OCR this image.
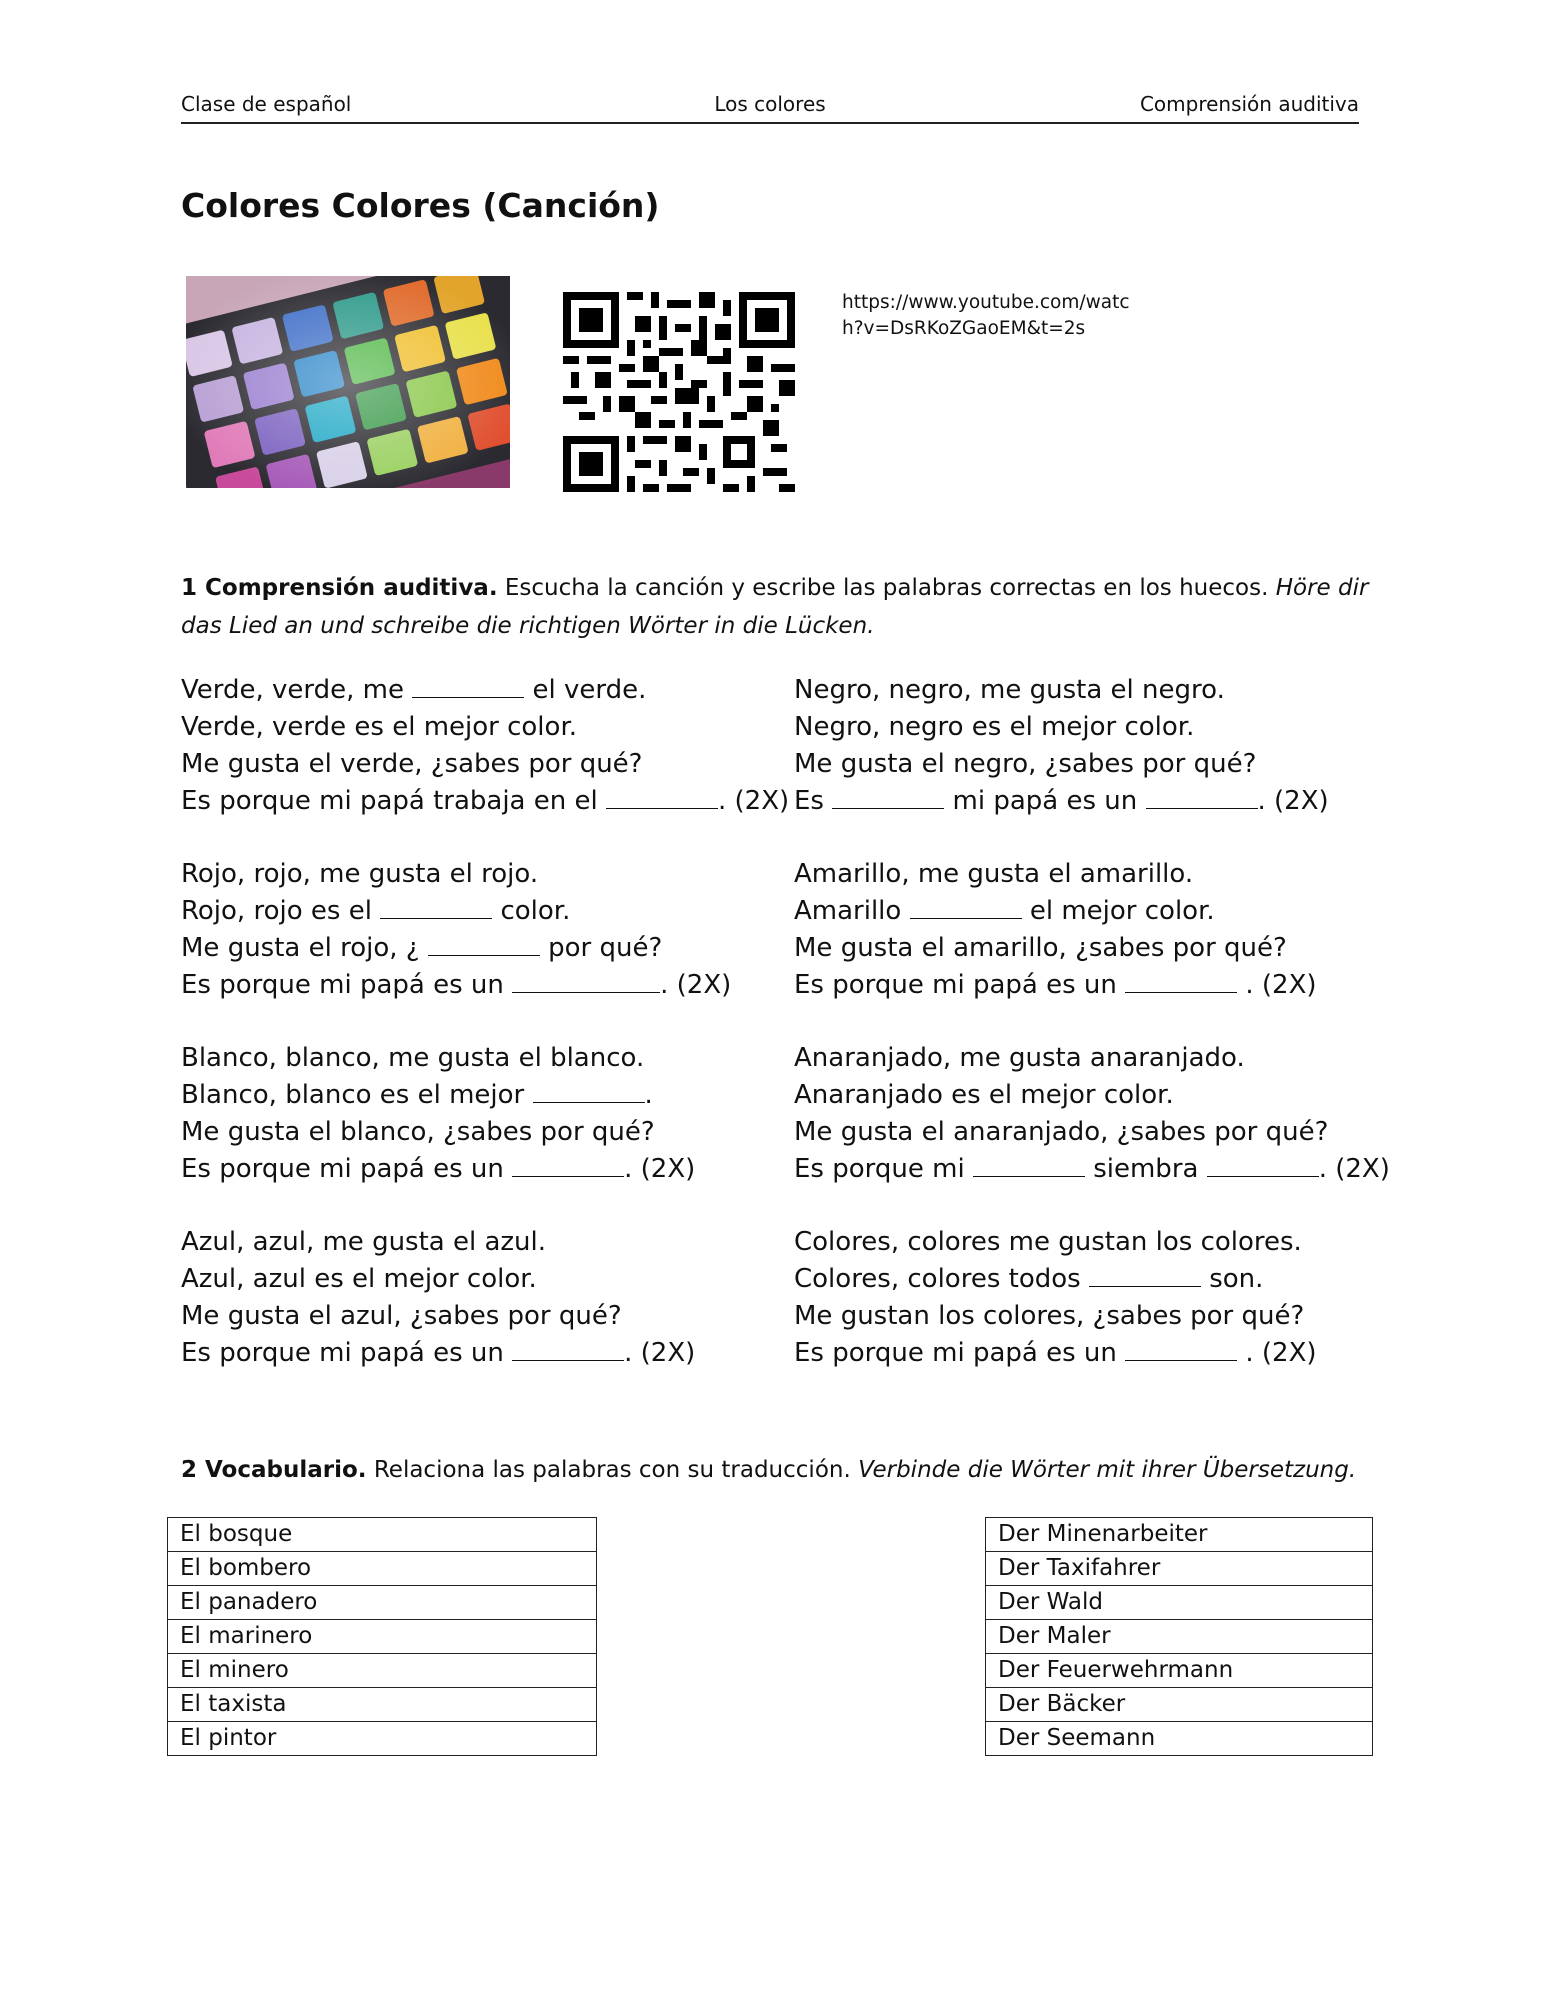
Clase de español	Los colores	Comprensión auditiva
Colores Colores (Canción)
https://www.youtube.com/watch?v=DsRKoZGaoEM&t=2s

1 Comprensión auditiva. Escucha la canción y escribe las palabras correctas en los huecos. Höre dir das Lied an und schreibe die richtigen Wörter in die Lücken.

Verde, verde, me	el verde.
Verde, verde es el mejor color.
Me gusta el verde, ¿sabes por qué?
Es porque mi papá trabaja en el	. (2X)
Rojo, rojo, me gusta el rojo.
Rojo, rojo es el	color.
Me gusta el rojo, ¿	por qué?
Es porque mi papá es un	. (2X)
Blanco, blanco, me gusta el blanco.
Blanco, blanco es el mejor	.
Me gusta el blanco, ¿sabes por qué?
Es porque mi papá es un	. (2X)
Azul, azul, me gusta el azul.
Azul, azul es el mejor color.
Me gusta el azul, ¿sabes por qué?
Es porque mi papá es un	. (2X)
Negro, negro, me gusta el negro.
Negro, negro es el mejor color.
Me gusta el negro, ¿sabes por qué?
Es	mi papá es un	. (2X)
Amarillo, me gusta el amarillo.
Amarillo	el mejor color.
Me gusta el amarillo, ¿sabes por qué?
Es porque mi papá es un	. (2X)
Anaranjado, me gusta anaranjado.
Anaranjado es el mejor color.
Me gusta el anaranjado, ¿sabes por qué?
Es porque mi	siembra	. (2X)
Colores, colores me gustan los colores.
Colores, colores todos	son.
Me gustan los colores, ¿sabes por qué?
Es porque mi papá es un	. (2X)

2 Vocabulario. Relaciona las palabras con su traducción. Verbinde die Wörter mit ihrer Übersetzung.

El bosque
El bombero
El panadero
El marinero
El minero
El taxista
El pintor
Der Minenarbeiter
Der Taxifahrer
Der Wald
Der Maler
Der Feuerwehrmann
Der Bäcker
Der Seemann
